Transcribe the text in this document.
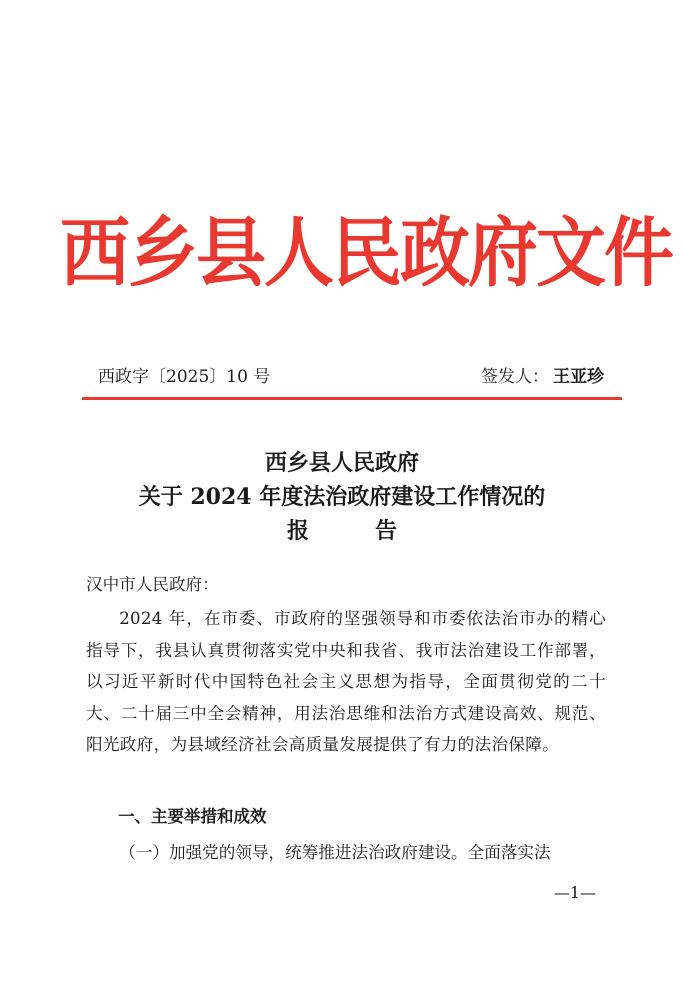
西乡县人民政府文件
西政字〔2025〕10 号	签发人： 王亚珍
西乡县人民政府
关于 2024 年度法治政府建设工作情况的
报	告
汉中市人民政府：
2024 年，在市委、市政府的坚强领导和市委依法治市办的精心指导下，我县认真贯彻落实党中央和我省、我市法治建设工作部署，以习近平新时代中国特色社会主义思想为指导，全面贯彻党的二十大、二十届三中全会精神，用法治思维和法治方式建设高效、规范、阳光政府，为县域经济社会高质量发展提供了有力的法治保障。
一、主要举措和成效
（一）加强党的领导，统筹推进法治政府建设。全面落实法
—1—
